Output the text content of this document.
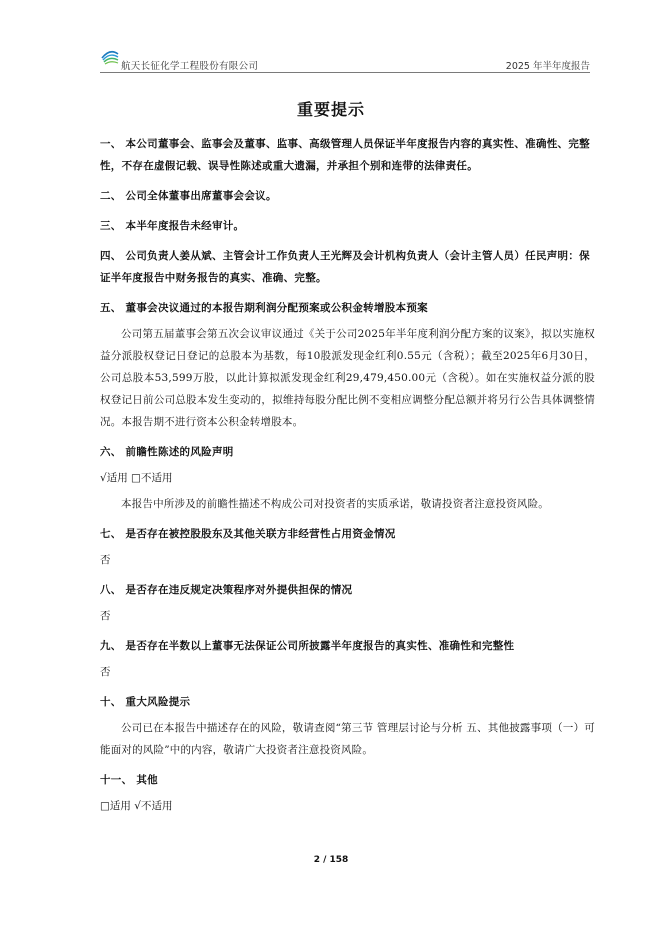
航天长征化学工程股份有限公司	2025 年半年度报告
重要提示

一、 本公司董事会、监事会及董事、监事、高级管理人员保证半年度报告内容的真实性、准确性、完整性，不存在虚假记载、误导性陈述或重大遗漏，并承担个别和连带的法律责任。

二、 公司全体董事出席董事会会议。

三、 本半年度报告未经审计。

四、 公司负责人姜从斌、主管会计工作负责人王光辉及会计机构负责人（会计主管人员）任民声明：保证半年度报告中财务报告的真实、准确、完整。

五、 董事会决议通过的本报告期利润分配预案或公积金转增股本预案

公司第五届董事会第五次会议审议通过《关于公司2025年半年度利润分配方案的议案》，拟以实施权益分派股权登记日登记的总股本为基数，每10股派发现金红利0.55元（含税）；截至2025年6月30日，公司总股本53,599万股，以此计算拟派发现金红利29,479,450.00元（含税）。如在实施权益分派的股权登记日前公司总股本发生变动的，拟维持每股分配比例不变相应调整分配总额并将另行公告具体调整情况。本报告期不进行资本公积金转增股本。

六、 前瞻性陈述的风险声明

√适用 □不适用

本报告中所涉及的前瞻性描述不构成公司对投资者的实质承诺，敬请投资者注意投资风险。

七、 是否存在被控股股东及其他关联方非经营性占用资金情况

否

八、 是否存在违反规定决策程序对外提供担保的情况

否

九、 是否存在半数以上董事无法保证公司所披露半年度报告的真实性、准确性和完整性

否

十、 重大风险提示

公司已在本报告中描述存在的风险，敬请查阅“第三节 管理层讨论与分析 五、其他披露事项（一）可能面对的风险”中的内容，敬请广大投资者注意投资风险。

十一、 其他

□适用 √不适用

2 / 158
